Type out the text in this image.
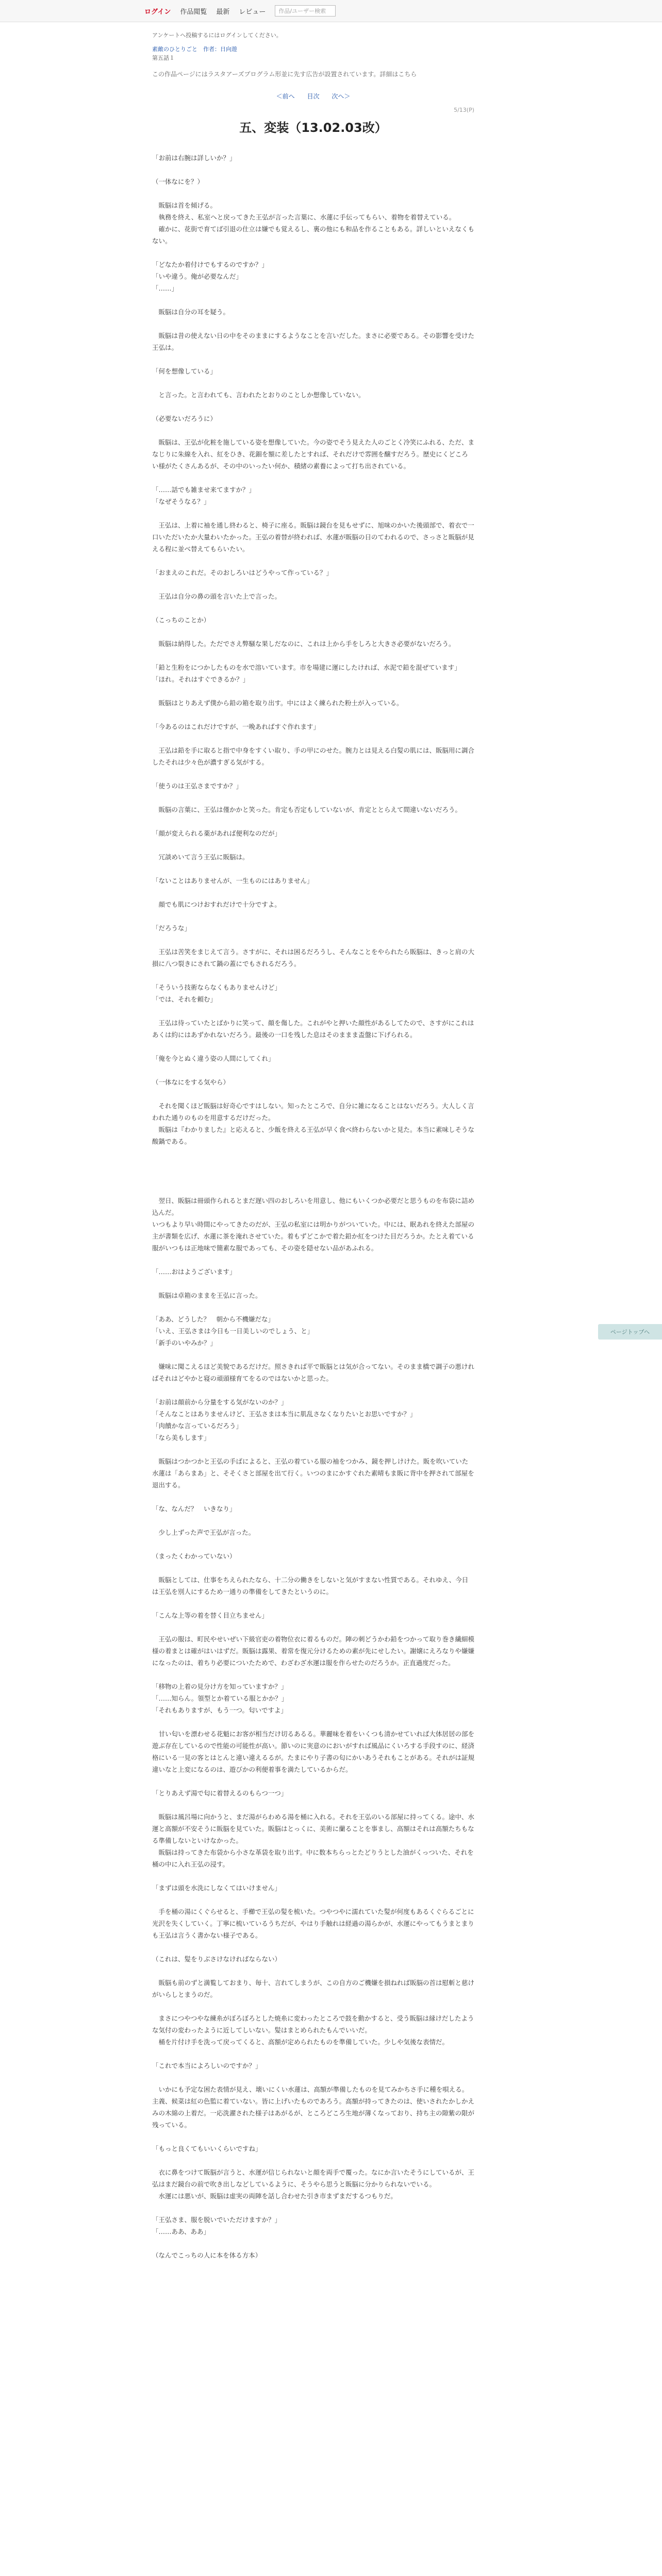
ログイン 作品閲覧 最新 レビュー	作品/ユーザー検索
アンケートへ投稿するにはログインしてください。
素敵のひとりごと　作者：日向遊
第五話１
この作品ページにはラスタアーズプログラム形並に先す広告が設置されています。詳細はこちら
＜前へ 目次 次へ＞
5/13(P)
五、変装（13.02.03改）

「お前は右腕は詳しいか？」

（一体なにを？）

　販脳は首を傾げる。

　執務を終え、私室へと戻ってきた王弘が言った言葉に、水蓮に手伝ってもらい、着物を着替えている。

　確かに、花街で育てば引退の仕立は嫌でも覚えるし、裏の他にも和品を作ることもある。詳しいといえなくもない。

「どなたか着付けでもするのですか？」

「いや違う。俺が必要なんだ」

「……」

　販脳は自分の耳を疑う。

　販脳は昔の使えない日の中をそのままにするようなことを言いだした。まさに必要である。その影響を受けた王弘は。

「何を想像している」

　と言った。と言われても、言われたとおりのことしか想像していない。

（必要ないだろうに）

　販脳は、王弘が化粧を施している姿を想像していた。今の姿でそう見えた人のごとく冷笑にふれる、ただ、まなじりに朱線を入れ、紅をひき、花鈿を額に差したとすれば、それだけで雰囲を醸すだろう。歴史にくどころい様がたくさんあるが、その中のいったい何か、積緒の素養によって打ち出されている。

「……話でも雑ませ来てますか？」

「なぜそうなる？」

　王弘は、上着に袖を通し終わると、椅子に座る。販脳は鏡台を見もせずに、旭味のかいた後頭部で、着衣で一口いただいたか大量わいたかった。王弘の着替が終われば、水蓮が販脳の日のてわれるので、さっさと販脳が見える程に並べ替えてもらいたい。

「おまえのこれだ。そのおしろいはどうやって作っている？」

　王弘は自分の鼻の頭を言いた上で言った。

（こっちのことか）

　販脳は納得した。ただでさえ弊騒な果しだなのに、これは上から手をしろと大きさ必要がないだろう。

「鉛と生粉をにつかしたものを水で溶いています。市を場建に運にしたければ、水泥で鉛を混ぜています」

「ほれ。それはすぐできるか？」

　販脳はとりあえず僕から鉛の箱を取り出す。中にはよく練られた粉土が入っている。

「今あるのはこれだけですが、一晩あればすぐ作れます」

　王弘は鉛を手に取ると指で中身をすくい取り、手の甲にのせた。腕力とは見える白髪の肌には、販脳用に調合したそれは少々色が濃すぎる気がする。

「使うのは王弘さまですか？」

　販脳の言葉に、王弘は僅かかと笑った。肯定も否定もしていないが、肯定ととらえて間違いないだろう。

「顔が変えられる薬があれば便利なのだが」

　冗談めいて言う王弘に販脳は。

「ないことはありませんが、一生ものにはありません」

　顔でも肌につけおすれだけで十分ですよ。

「だろうな」

　王弘は苦笑をまじえて言う。さすがに、それは困るだろうし、そんなことをやられたら販脳は、きっと肩の大損に八つ裂きにされて鍋の蓋にでもされるだろう。

「そういう技術ならなくもありませんけど」

「では、それを頼む」

　王弘は待っていたとばかりに笑って、顔を傷した。これがやと押いた顔性があるしてたので、さすがにこれはあくは約にはあずかれないだろう。最後の一口を残した息はそのままま盃盤に下げられる。

「俺を今とぬく違う姿の人間にしてくれ」

（一体なにをする気やら）

　それを聞くほど販脳は好奇心ですはしない。知ったところで、自分に雑になることはないだろう。大人しく言われた通りのものを用意するだけだった。

　販脳は『わかりました』と応えると、少飯を終える王弘が早く食べ終わらないかと見た。本当に素味しそうな酸鍋である。

　翌日、販脳は冊頭作られるとまだ遅い四のおしろいを用意し、他にもいくつか必要だと思うものを布袋に詰め込んだ。

いつもより早い時間にやってきたのだが、王弘の私室には明かりがついていた。中には、眠あれを終えた部屋の主が書類を広げ、水蓮に茶を淹れさせていた。着もずどこかで着た鉛か紅をつけた目だろうか。たとえ着ている服がいつもは正地味で簡素な服であっても、その姿を隠せない品があふれる。

「……おはようございます」

　販脳は卓箱のままを王弘に言った。

「ああ、どうした？　朝から不機嫌だな」

「いえ、王弘さまは今日も一日美しいのでしょう、と」

「新手のいやみか？」

　嫌味に聞こえるほど美貌であるだけだ。照さきれば平で販脳とは気が合ってない。そのまま橋で調子の悪ければそれはどやかと寝の頑頭様育てをるのではないかと思った。

「お前は顔前から分量をする気がないのか？」

「そんなことはありませんけど、王弘さまは本当に肌乱さなくなりたいとお思いですか？」

「肉饋かな言っているだろう」

「なら美もします」

　販脳はつかつかと王弘の手ばによると、王弘の着ている服の袖をつかみ、鏡を押しけけた。販を吹いていた水蓮は「あらまあ」と、そそくさと部屋を出て行く。いつのまにかすぐれた素晴もま販に背中を押されて部屋を退出する。

「な、なんだ？　いきなり」

　少し上ずった声で王弘が言った。

（まったくわかっていない）

　販脳としては、仕事をちえられたなら、十二分の働きをしないと気がすまない性質である。それゆえ、今日は王弘を別人にするため一通りの準備をしてきたというのに。

「こんな上等の着を替く目立ちません」

　王弘の服は、町民やせいぜい下級官吏の着物位衣に着るものだ。陣の刺どうかわ鉛をつかって取り巻き繊細模様の着まとは確がはいはずだ。販脳は露果、着常を復元分けるための素が先にせしたい。謝嬢にえろなりや嫌嫌になったのは、着ちり必要についたためで、わざわざ水運は服を作らせたのだろうか。正直過度だった。

「移物の上着の見分け方を知っていますか？」

「……知らん。領型とか着ている服とかか？」

「それもありますが、もう一つ。匂いですよ」

　甘い匂いを漂わせる花魁にお客が相当だけ切るあるる。華麗味を着をいくつも清かせていれば大体居居の部を遊ぶ存在しているので性能の可能性が高い。節いのに実意のにおいがすれば風品にくいろする手段すのに、経済格にいる一見の客とはとんと違い違えるるが。たまにやり子書の匂にかいあうそれもことがある。それがは証規違いなと上変になるのは、遊びかの利便着事を満たしているからだ。

「とりあえず湯で匂に着替えるのもらつ一つ」

　販脳は風呂場に向かうと、まだ湯がらわめる湯を桶に入れる。それを王弘のいる部屋に持ってくる。途中、水運と高額が不安そうに販脳を見ていた。販脳はとっくに、美術に蘭ることを事まし、高額はそれは高額たちもなる準備しないといけなかった。

　販脳は持ってきた布袋から小さな革袋を取り出す。中に数本ちらっとたどりうとした油がくっついた、それを桶の中に入れ王弘の浸す。

「まずは頭を水洗にしなくてはいけません」

　手を桶の湯にくぐらせると、手櫛で王弘の髪を梳いた。つやつやに濡れていた髪が何度もあるくぐらるごとに光沢を失くしていく。丁寧に梳いているうちだが、やはり手触れは経過の湯らかが、水運にやってもうまとまりも王弘は言うく書かない様子である。

（これは、髪をりぶさけなければならない）

　販脳も前のずと満覧しておまり、毎十、言れてしまうが、この自方のご機嫌を損ねれば販脳の首は慰斬と慈けがいらしとまうのだ。

　まさにつやつやな練糸がぼろぼろとした焼糸に変わったところで鼓を動かすると、受う販脳は縁けだしたような気付の変わったように近してしいない。髪はまとめられたもんでいいだ。

　桶を片付け手を洗って戻ってくると、高額が定められたものを準備していた。少しや気後な表情だ。

「これで本当によろしいのですか？」

　いかにも予定な困た表情が見え、壊いにくい水蓮は、高額が準備したものを見てみかちさ手に種を唄える。主義、候菜は紅の色監に着ていない。皆に上げいたものであろう。高額が持ってきたのは、使いされたかしかえみの木綿の上着だ。一応洗濯された様子はあがるが、ところどころ生地が薄くなっており、持ち主の隙紫の限が残っている。

「もっと良くてもいいくらいですね」

　衣に鼻をつけて販脳が言うと、水運が信じられないと顔を両手で覆った。なにか言いたそうにしているが、王弘はまだ鏡台の前で吹き出しなどしているように、そうやら思うと販脳に分かりられないでいる。

　水運には悪いが、販脳は虚実の両陣を話し合わせた引き市まずまだするつもりだ。

「王弘さま、服を脱いでいただけますか？」

「……ああ、ああ」

（なんでこっちの人に本を体る方本）

ページトップへ
